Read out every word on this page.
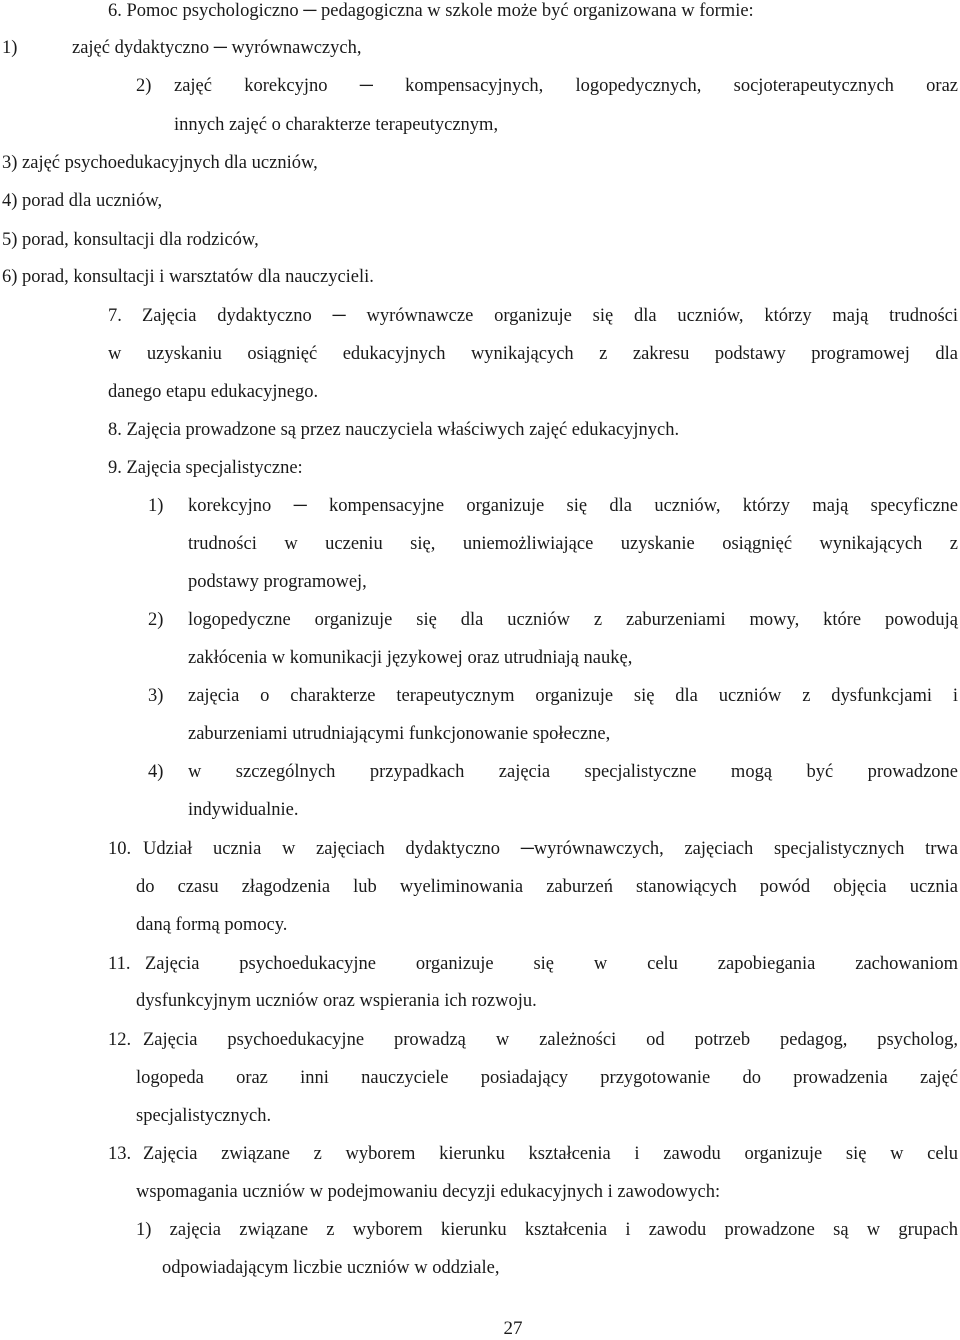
6. Pomoc psychologiczno ─ pedagogiczna w szkole może być organizowana w formie:
1)	zajęć dydaktyczno ─ wyrównawczych,
2) zajęć korekcyjno ─ kompensacyjnych, logopedycznych, socjoterapeutycznych oraz
innych zajęć o charakterze terapeutycznym,
3) zajęć psychoedukacyjnych dla uczniów,
4) porad dla uczniów,
5) porad, konsultacji dla rodziców,
6) porad, konsultacji i warsztatów dla nauczycieli.
7. Zajęcia dydaktyczno ─ wyrównawcze organizuje się dla uczniów, którzy mają trudności
w uzyskaniu osiągnięć edukacyjnych wynikających z zakresu podstawy programowej dla
danego etapu edukacyjnego.
8. Zajęcia prowadzone są przez nauczyciela właściwych zajęć edukacyjnych.
9. Zajęcia specjalistyczne:
1) korekcyjno ─ kompensacyjne organizuje się dla uczniów, którzy mają specyficzne
trudności w uczeniu się, uniemożliwiające uzyskanie osiągnięć wynikających z
podstawy programowej,
2) logopedyczne organizuje się dla uczniów z zaburzeniami mowy, które powodują
zakłócenia w komunikacji językowej oraz utrudniają naukę,
3) zajęcia o charakterze terapeutycznym organizuje się dla uczniów z dysfunkcjami i
zaburzeniami utrudniającymi funkcjonowanie społeczne,
4) w szczególnych przypadkach zajęcia specjalistyczne mogą być prowadzone
indywidualnie.
10. Udział ucznia w zajęciach dydaktyczno ─wyrównawczych, zajęciach specjalistycznych trwa
do czasu złagodzenia lub wyeliminowania zaburzeń stanowiących powód objęcia ucznia
daną formą pomocy.
11. Zajęcia psychoedukacyjne organizuje się w celu zapobiegania zachowaniom
dysfunkcyjnym uczniów oraz wspierania ich rozwoju.
12. Zajęcia psychoedukacyjne prowadzą w zależności od potrzeb pedagog, psycholog,
logopeda oraz inni nauczyciele posiadający przygotowanie do prowadzenia zajęć
specjalistycznych.
13. Zajęcia związane z wyborem kierunku kształcenia i zawodu organizuje się w celu
wspomagania uczniów w podejmowaniu decyzji edukacyjnych i zawodowych:
1) zajęcia związane z wyborem kierunku kształcenia i zawodu prowadzone są w grupach
odpowiadającym liczbie uczniów w oddziale,
27
